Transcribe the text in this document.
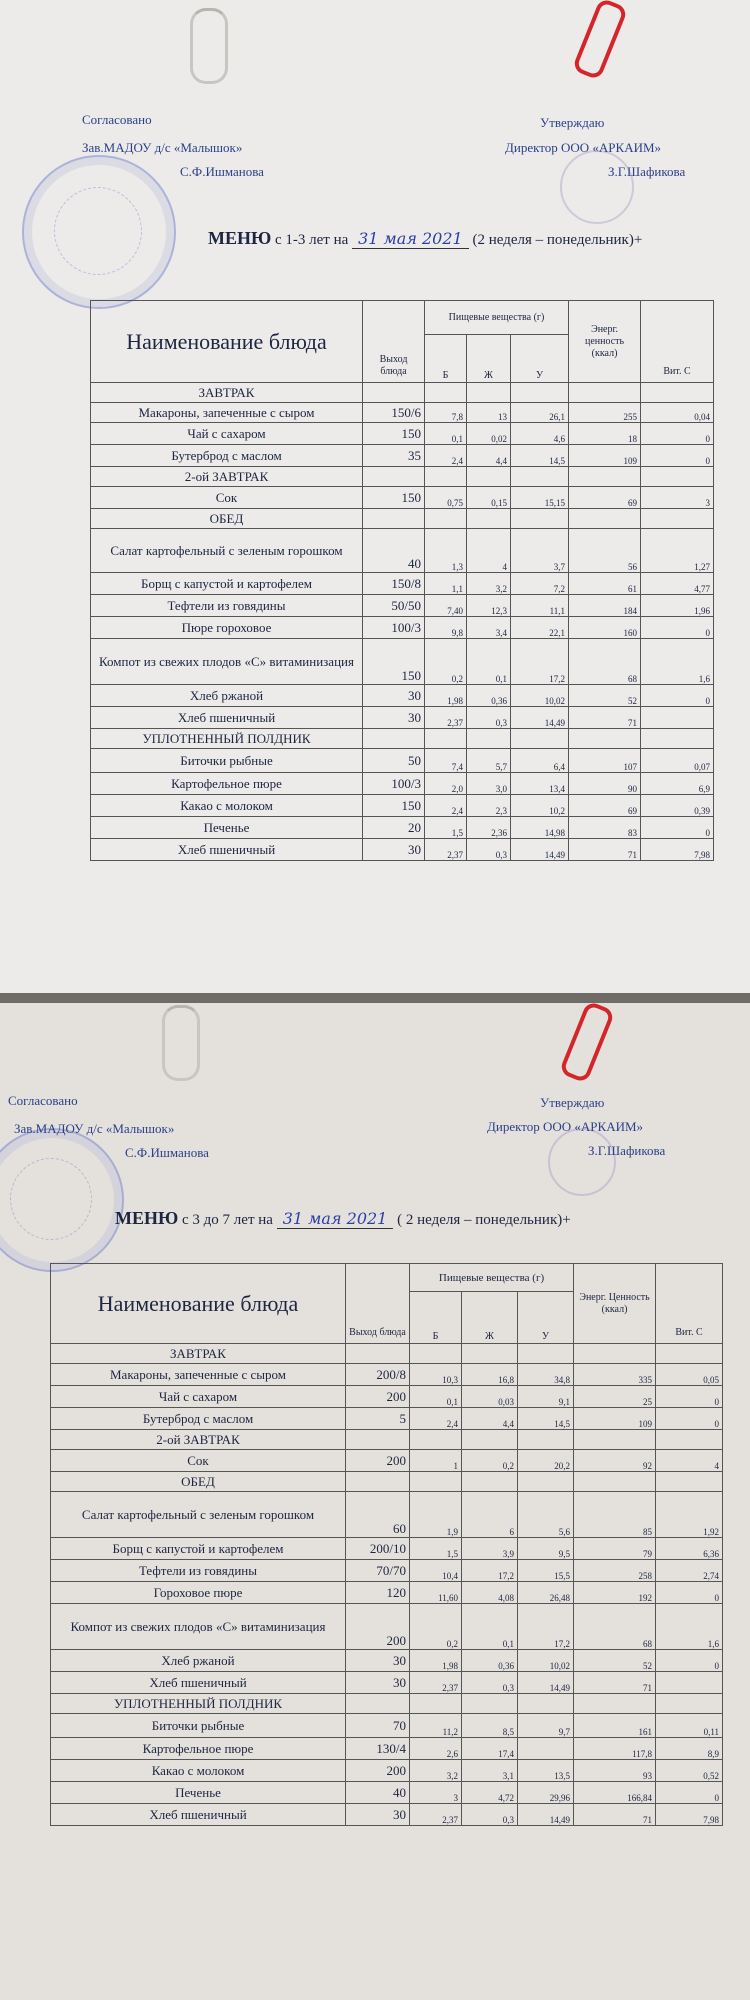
Согласовано
Зав.МАДОУ д/с «Малышок»
С.Ф.Ишманова
Утверждаю
Директор ООО «АРКАИМ»
З.Г.Шафикова
МЕНЮ с 1-3 лет на 31 мая 2021 (2 неделя – понедельник)+
Наименование блюда	Выход блюда	Пищевые вещества (г)			Энерг. ценность (ккал)	Вит. С
		Б	Ж	У		
ЗАВТРАК						
Макароны, запеченные с сыром	150/6	7,8	13	26,1	255	0,04
Чай с сахаром	150	0,1	0,02	4,6	18	0
Бутерброд с маслом	35	2,4	4,4	14,5	109	0
2-ой ЗАВТРАК						
Сок	150	0,75	0,15	15,15	69	3
ОБЕД						
Салат картофельный с зеленым горошком	40	1,3	4	3,7	56	1,27
Борщ с капустой и картофелем	150/8	1,1	3,2	7,2	61	4,77
Тефтели из говядины	50/50	7,40	12,3	11,1	184	1,96
Пюре гороховое	100/3	9,8	3,4	22,1	160	0
Компот из свежих плодов «С» витаминизация	150	0,2	0,1	17,2	68	1,6
Хлеб ржаной	30	1,98	0,36	10,02	52	0
Хлеб пшеничный	30	2,37	0,3	14,49	71	
УПЛОТНЕННЫЙ ПОЛДНИК						
Биточки рыбные	50	7,4	5,7	6,4	107	0,07
Картофельное пюре	100/3	2,0	3,0	13,4	90	6,9
Какао с молоком	150	2,4	2,3	10,2	69	0,39
Печенье	20	1,5	2,36	14,98	83	0
Хлеб пшеничный	30	2,37	0,3	14,49	71	7,98
Согласовано
Зав.МАДОУ д/с «Малышок»
С.Ф.Ишманова
Утверждаю
Директор ООО «АРКАИМ»
З.Г.Шафикова
МЕНЮ с 3 до 7 лет на 31 мая 2021 ( 2 неделя – понедельник)+
Наименование блюда	Выход блюда	Пищевые вещества (г)			Энерг. Ценность (ккал)	Вит. С
		Б	Ж	У		
ЗАВТРАК						
Макароны, запеченные с сыром	200/8	10,3	16,8	34,8	335	0,05
Чай с сахаром	200	0,1	0,03	9,1	25	0
Бутерброд с маслом	5	2,4	4,4	14,5	109	0
2-ой ЗАВТРАК						
Сок	200	1	0,2	20,2	92	4
ОБЕД						
Салат картофельный с зеленым горошком	60	1,9	6	5,6	85	1,92
Борщ с капустой и картофелем	200/10	1,5	3,9	9,5	79	6,36
Тефтели из говядины	70/70	10,4	17,2	15,5	258	2,74
Гороховое пюре	120	11,60	4,08	26,48	192	0
Компот из свежих плодов «С» витаминизация	200	0,2	0,1	17,2	68	1,6
Хлеб ржаной	30	1,98	0,36	10,02	52	0
Хлеб пшеничный	30	2,37	0,3	14,49	71	
УПЛОТНЕННЫЙ ПОЛДНИК						
Биточки рыбные	70	11,2	8,5	9,7	161	0,11
Картофельное пюре	130/4	2,6	17,4		117,8	8,9
Какао с молоком	200	3,2	3,1	13,5	93	0,52
Печенье	40	3	4,72	29,96	166,84	0
Хлеб пшеничный	30	2,37	0,3	14,49	71	7,98
